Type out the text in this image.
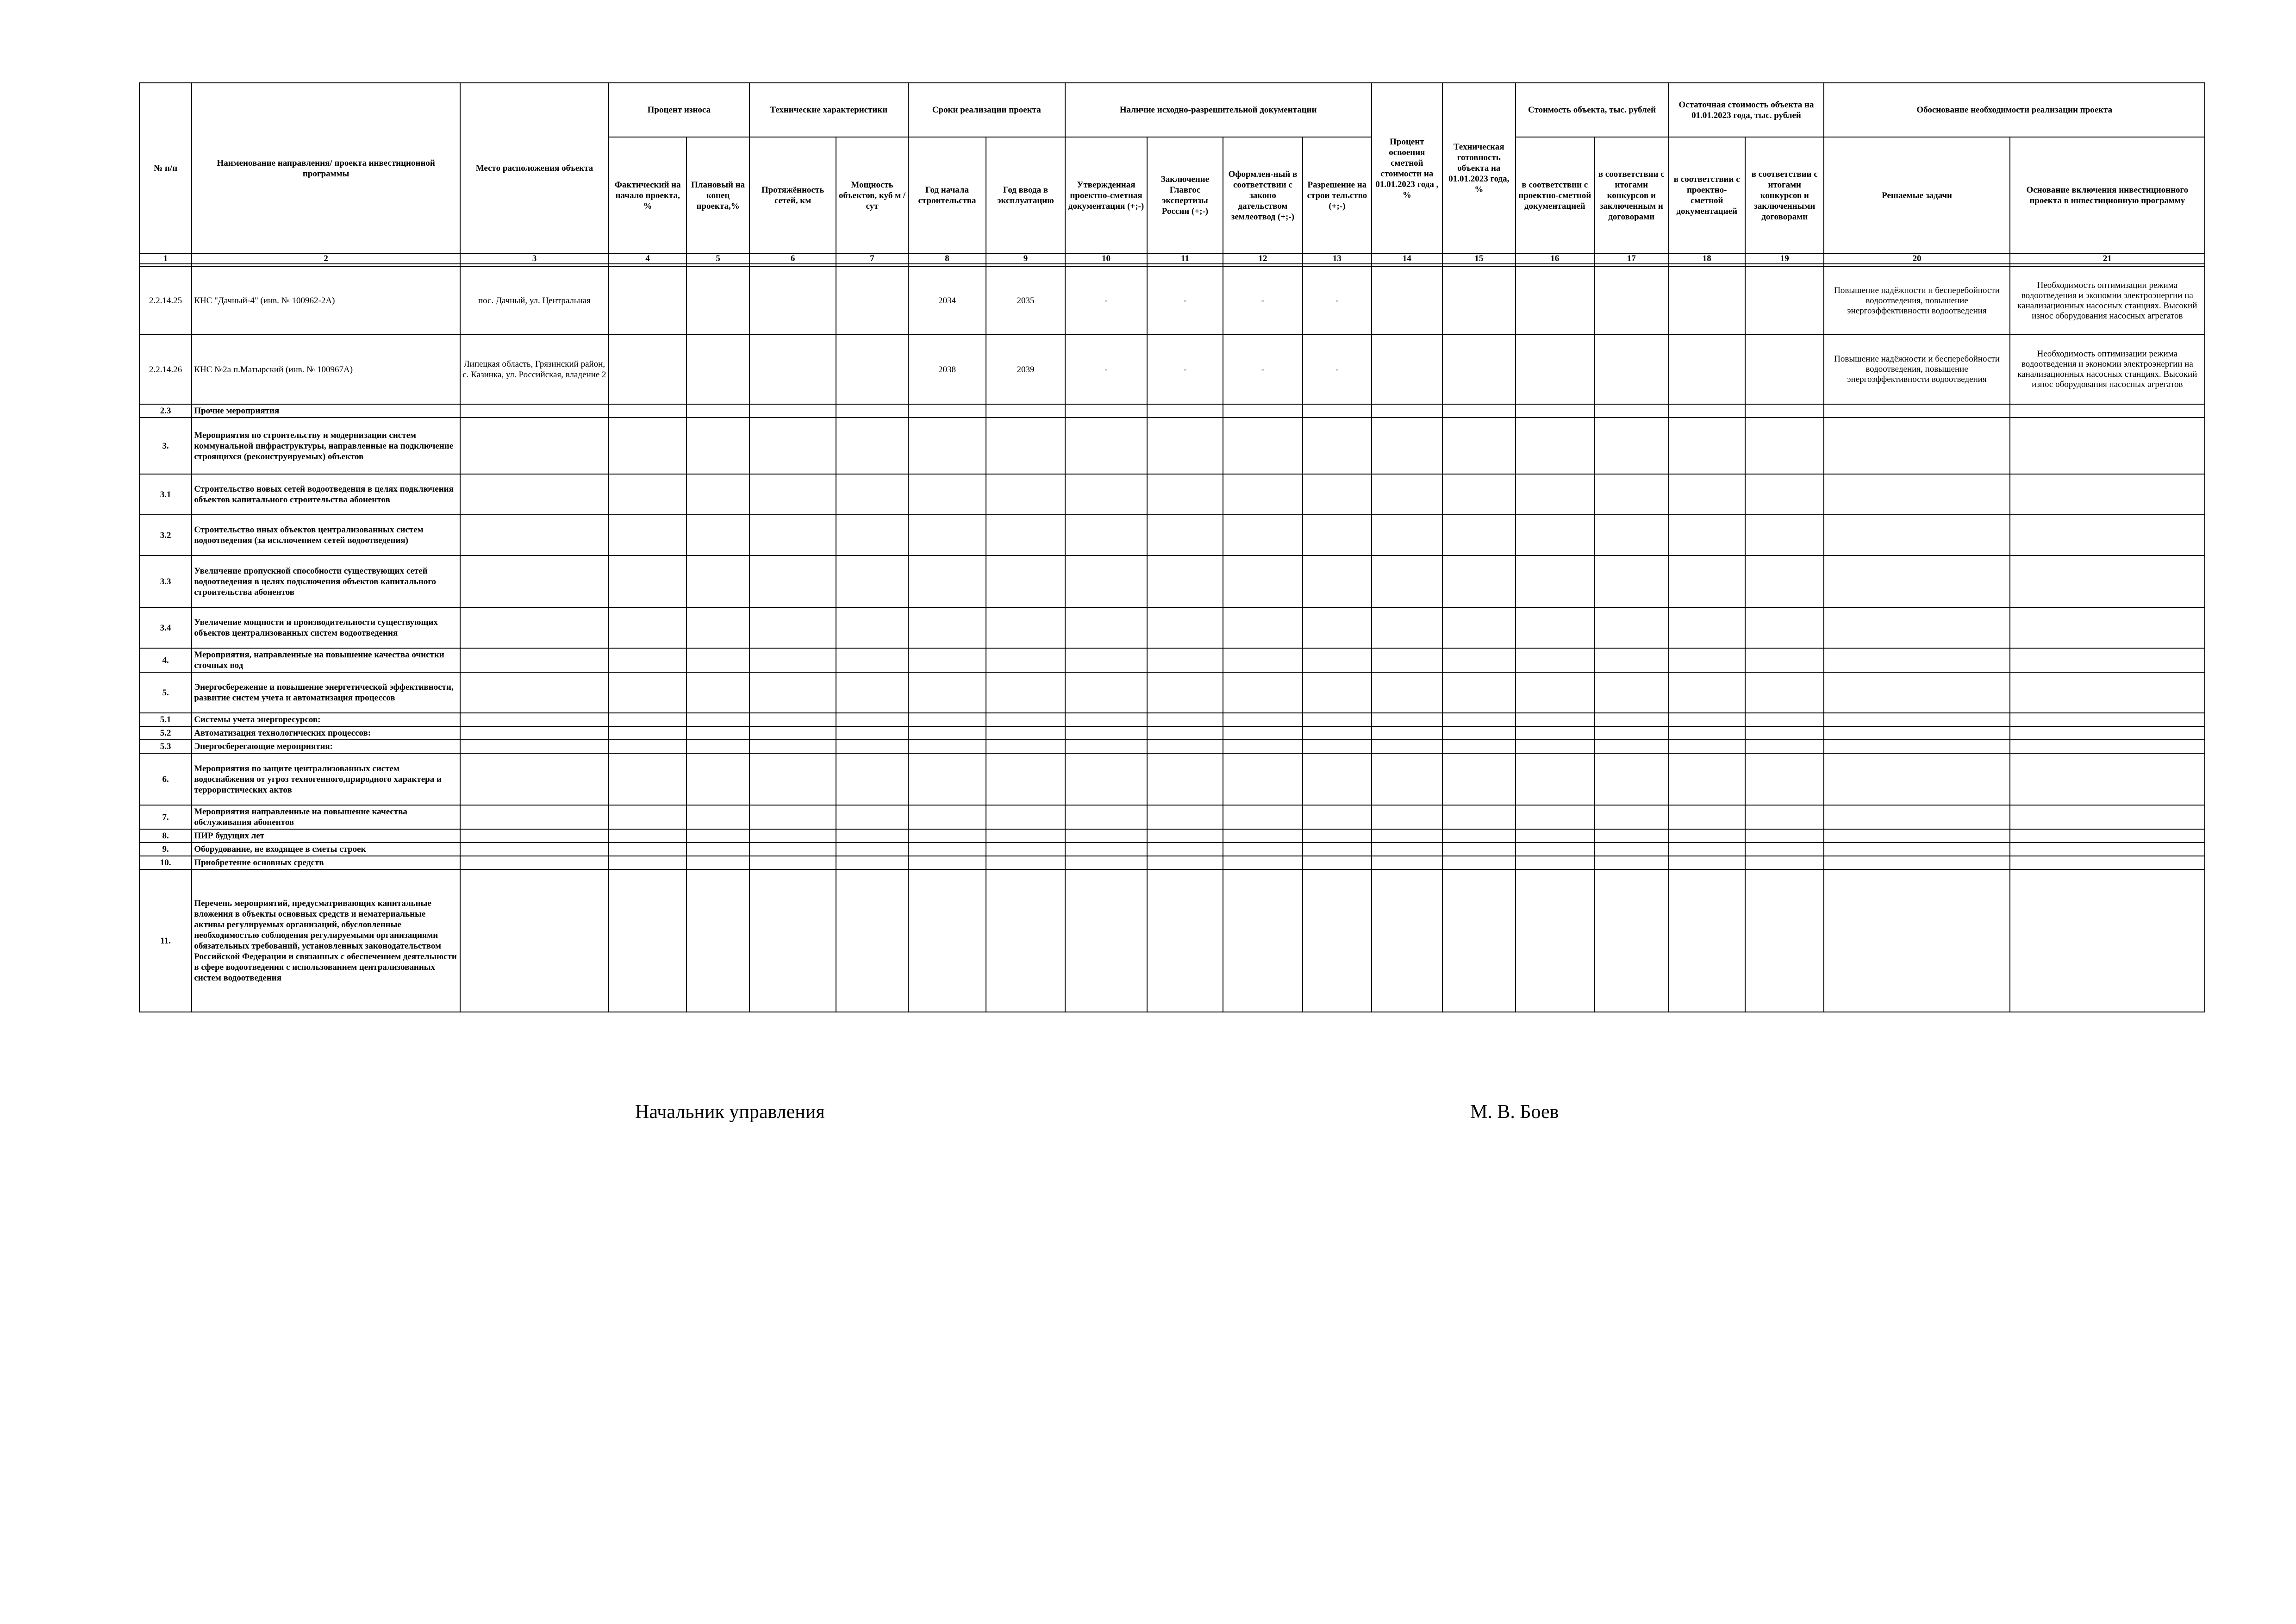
№ п/п	Наименование направления/ проекта инвестиционной программы	Место расположения объекта	Процент износа		Технические характеристики		Сроки реализации проекта		Наличие исходно-разрешительной документации				Процент освоения сметной стоимости на 01.01.2023 года , %	Техническая готовность объекта на 01.01.2023 года, %	Стоимость объекта, тыс. рублей		Остаточная стоимость объекта на 01.01.2023 года, тыс. рублей		Обоснование необходимости реализации проекта	
			Фактический на начало проекта, %	Плановый на конец проекта,%	Протяжённость сетей, км	Мощность объектов, куб м /сут	Год начала строительства	Год ввода в эксплуатацию	Утвержденная проектно-сметная документация (+;-)	Заключение Главгос экспертизы России (+;-)	Оформлен-ный в соответствии с законо дательством землеотвод (+;-)	Разрешение на строи тельство (+;-)			в соответствии с проектно-сметной документацией	в соответствии с итогами конкурсов и заключенным и договорами	в соответствии с проектно-сметной документацией	в соответствии с итогами конкурсов и заключенными договорами	Решаемые задачи	Основание включения инвестиционного проекта в инвестиционную программу
1	2	3	4	5	6	7	8	9	10	11	12	13	14	15	16	17	18	19	20	21

2.2.14.25	КНС "Дачный-4" (инв. № 100962-2А)	пос. Дачный, ул. Центральная					2034	2035	-	-	-	-							Повышение надёжности и бесперебойности водоотведения, повышение энергоэффективности водоотведения	Необходимость оптимизации режима водоотведения и экономии электроэнергии на канализационных насосных станциях. Высокий износ оборудования насосных агрегатов
2.2.14.26	КНС №2а п.Матырский (инв. № 100967А)	Липецкая область, Грязинский район, с. Казинка, ул. Российская, владение 2					2038	2039	-	-	-	-							Повышение надёжности и бесперебойности водоотведения, повышение энергоэффективности водоотведения	Необходимость оптимизации режима водоотведения и экономии электроэнергии на канализационных насосных станциях. Высокий износ оборудования насосных агрегатов
2.3	Прочие мероприятия																			
3.	Мероприятия по строительству и модернизации систем коммунальной инфраструктуры, направленные на подключение строящихся (реконструируемых) объектов																			
3.1	Строительство новых сетей водоотведения в целях подключения объектов капитального строительства абонентов																			
3.2	Строительство иных объектов централизованных систем водоотведения (за исключением сетей водоотведения)																			
3.3	Увеличение пропускной способности существующих сетей водоотведения в целях подключения объектов капитального строительства абонентов																			
3.4	Увеличение мощности и производительности существующих объектов централизованных систем водоотведения																			
4.	Мероприятия, направленные на повышение качества очистки сточных вод																			
5.	Энергосбережение и повышение энергетической эффективности, развитие систем учета и автоматизация процессов																			
5.1	Системы учета энергоресурсов:																			
5.2	Автоматизация технологических процессов:																			
5.3	Энергосберегающие мероприятия:																			
6.	Мероприятия по защите централизованных систем водоснабжения от угроз техногенного,природного характера и террористических актов																			
7.	Мероприятия направленные на повышение качества обслуживания абонентов																			
8.	ПИР будущих лет																			
9.	Оборудование, не входящее в сметы строек																			
10.	Приобретение основных средств																			
11.	Перечень мероприятий, предусматривающих капитальные вложения в объекты основных средств и нематериальные активы регулируемых организаций, обусловленные необходимостью соблюдения регулируемыми организациями обязательных требований, установленных законодательством Российской Федерации и связанных с обеспечением деятельности в сфере водоотведения с использованием централизованных систем водоотведения																			
Начальник управления	М. В. Боев
